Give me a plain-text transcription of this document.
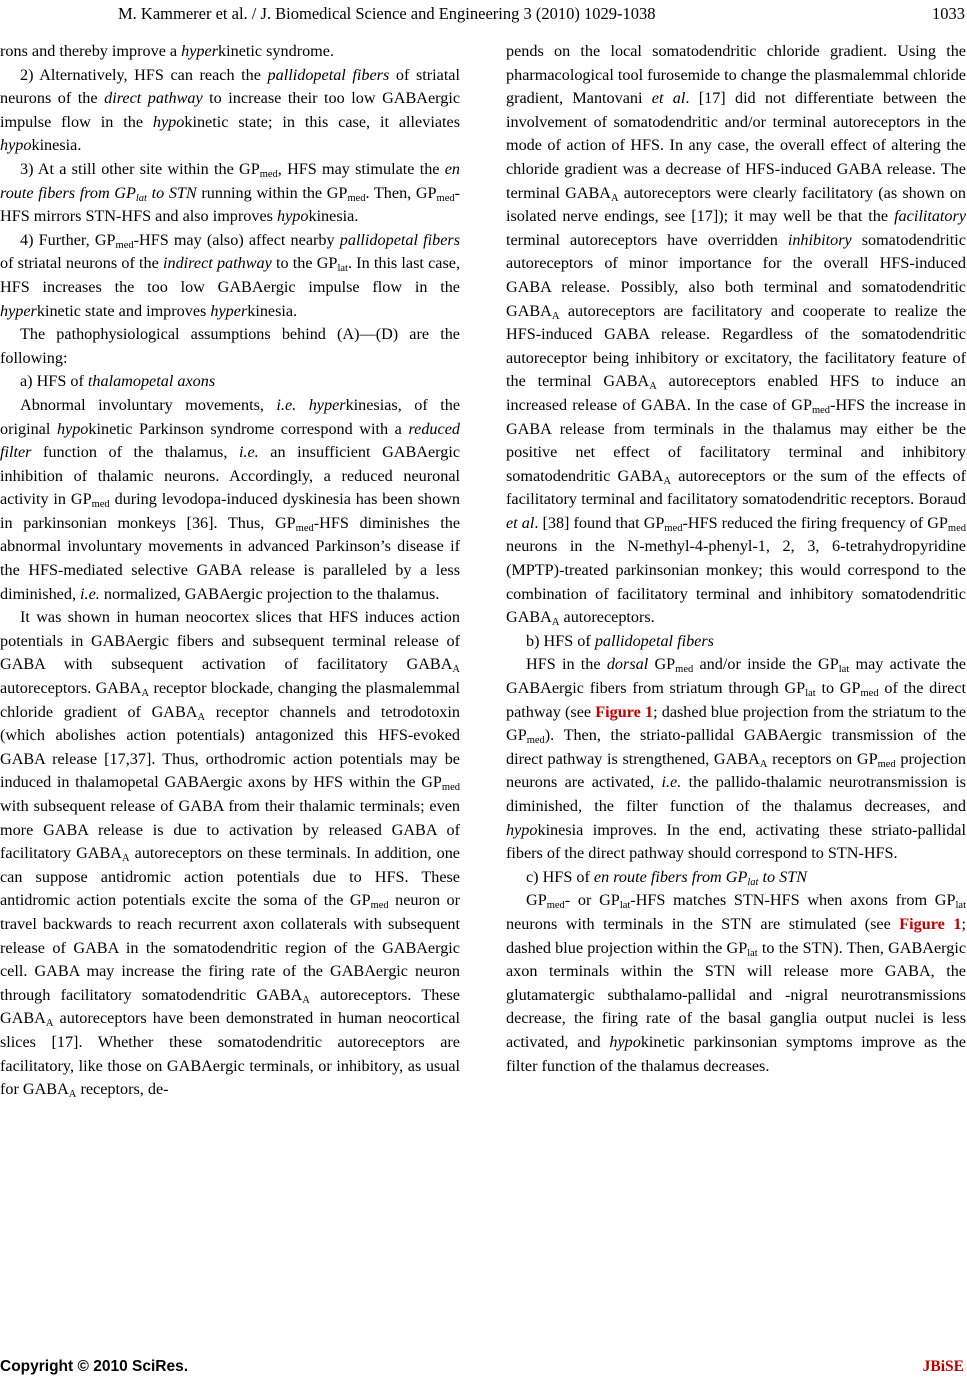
M. Kammerer et al. / J. Biomedical Science and Engineering 3 (2010) 1029-1038	1033

rons and thereby improve a hyperkinetic syndrome.

2) Alternatively, HFS can reach the pallidopetal fibers of striatal neurons of the direct pathway to increase their too low GABAergic impulse flow in the hypokinetic state; in this case, it alleviates hypokinesia.

3) At a still other site within the $GP_{med}$, HFS may stimulate the en route fibers from $GP_{lat}$ to STN running within the $GP_{med}$. Then, $GP_{med}$-HFS mirrors STN-HFS and also improves hypokinesia.

4) Further, $GP_{med}$-HFS may (also) affect nearby pallidopetal fibers of striatal neurons of the indirect pathway to the $GP_{lat}$. In this last case, HFS increases the too low GABAergic impulse flow in the hyperkinetic state and improves hyperkinesia.

The pathophysiological assumptions behind (A)—(D) are the following:

a) HFS of thalamopetal axons

Abnormal involuntary movements, i.e. hyperkinesias, of the original hypokinetic Parkinson syndrome correspond with a reduced filter function of the thalamus, i.e. an insufficient GABAergic inhibition of thalamic neurons. Accordingly, a reduced neuronal activity in $GP_{med}$ during levodopa-induced dyskinesia has been shown in parkinsonian monkeys [36]. Thus, $GP_{med}$-HFS diminishes the abnormal involuntary movements in advanced Parkinson’s disease if the HFS-mediated selective GABA release is paralleled by a less diminished, i.e. normalized, GABAergic projection to the thalamus.

It was shown in human neocortex slices that HFS induces action potentials in GABAergic fibers and subsequent terminal release of GABA with subsequent activation of facilitatory $GABA_A$ autoreceptors. $GABA_A$ receptor blockade, changing the plasmalemmal chloride gradient of $GABA_A$ receptor channels and tetrodotoxin (which abolishes action potentials) antagonized this HFS-evoked GABA release [17,37]. Thus, orthodromic action potentials may be induced in thalamopetal GABAergic axons by HFS within the $GP_{med}$ with subsequent release of GABA from their thalamic terminals; even more GABA release is due to activation by released GABA of facilitatory $GABA_A$ autoreceptors on these terminals. In addition, one can suppose antidromic action potentials due to HFS. These antidromic action potentials excite the soma of the $GP_{med}$ neuron or travel backwards to reach recurrent axon collaterals with subsequent release of GABA in the somatodendritic region of the GABAergic cell. GABA may increase the firing rate of the GABAergic neuron through facilitatory somatodendritic $GABA_A$ autoreceptors. These $GABA_A$ autoreceptors have been demonstrated in human neocortical slices [17]. Whether these somatodendritic autoreceptors are facilitatory, like those on GABAergic terminals, or inhibitory, as usual for $GABA_A$ receptors, de-

pends on the local somatodendritic chloride gradient. Using the pharmacological tool furosemide to change the plasmalemmal chloride gradient, Mantovani et al. [17] did not differentiate between the involvement of somatodendritic and/or terminal autoreceptors in the mode of action of HFS. In any case, the overall effect of altering the chloride gradient was a decrease of HFS-induced GABA release. The terminal $GABA_A$ autoreceptors were clearly facilitatory (as shown on isolated nerve endings, see [17]); it may well be that the facilitatory terminal autoreceptors have overridden inhibitory somatodendritic autoreceptors of minor importance for the overall HFS-induced GABA release. Possibly, also both terminal and somatodendritic $GABA_A$ autoreceptors are facilitatory and cooperate to realize the HFS-induced GABA release. Regardless of the somatodendritic autoreceptor being inhibitory or excitatory, the facilitatory feature of the terminal $GABA_A$ autoreceptors enabled HFS to induce an increased release of GABA. In the case of $GP_{med}$-HFS the increase in GABA release from terminals in the thalamus may either be the positive net effect of facilitatory terminal and inhibitory somatodendritic $GABA_A$ autoreceptors or the sum of the effects of facilitatory terminal and facilitatory somatodendritic receptors. Boraud et al. [38] found that $GP_{med}$-HFS reduced the firing frequency of $GP_{med}$ neurons in the N-methyl-4-phenyl-1, 2, 3, 6-tetrahydropyridine (MPTP)-treated parkinsonian monkey; this would correspond to the combination of facilitatory terminal and inhibitory somatodendritic $GABA_A$ autoreceptors.

b) HFS of pallidopetal fibers

HFS in the dorsal $GP_{med}$ and/or inside the $GP_{lat}$ may activate the GABAergic fibers from striatum through $GP_{lat}$ to $GP_{med}$ of the direct pathway (see Figure 1; dashed blue projection from the striatum to the $GP_{med}$). Then, the striato-pallidal GABAergic transmission of the direct pathway is strengthened, $GABA_A$ receptors on $GP_{med}$ projection neurons are activated, i.e. the pallido-thalamic neurotransmission is diminished, the filter function of the thalamus decreases, and hypokinesia improves. In the end, activating these striato-pallidal fibers of the direct pathway should correspond to STN-HFS.

c) HFS of en route fibers from $GP_{lat}$ to STN

$GP_{med}-$ or $GP_{lat}$-HFS matches STN-HFS when axons from $GP_{lat}$ neurons with terminals in the STN are stimulated (see Figure 1; dashed blue projection within the $GP_{lat}$ to the STN). Then, GABAergic axon terminals within the STN will release more GABA, the glutamatergic subthalamo-pallidal and -nigral neurotransmissions decrease, the firing rate of the basal ganglia output nuclei is less activated, and hypokinetic parkinsonian symptoms improve as the filter function of the thalamus decreases.

Copyright © 2010 SciRes.	JBiSE
